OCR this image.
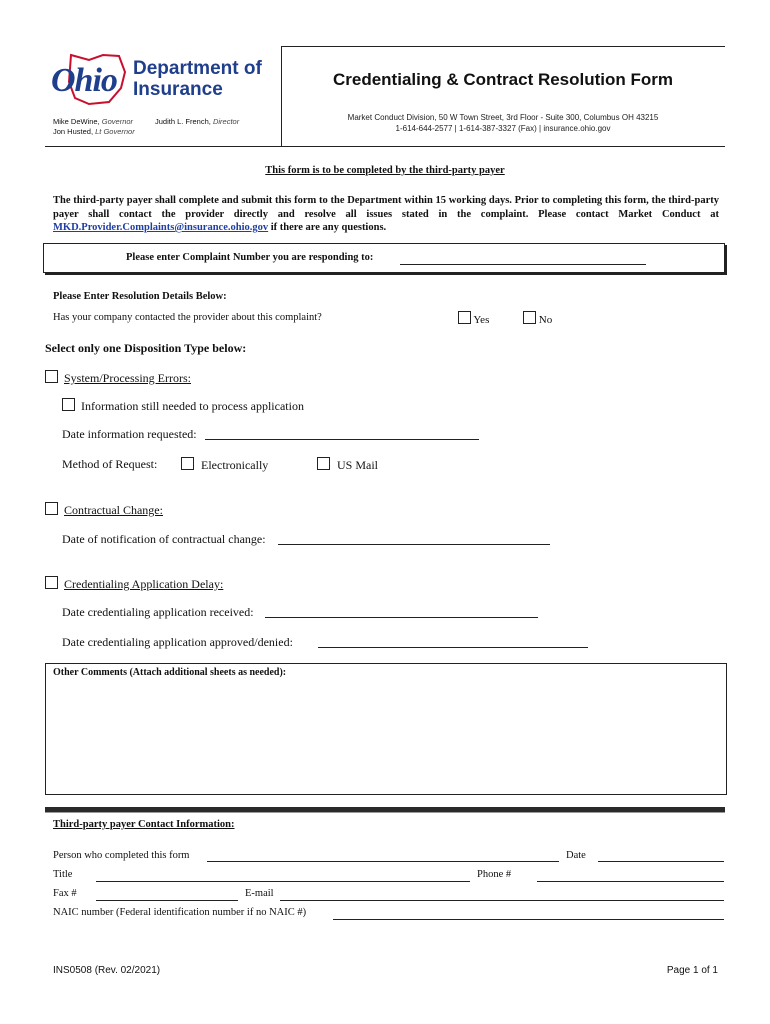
Ohio Department of
Insurance
Mike DeWine, Governor
Jon Husted, Lt Governor
Judith L. French, Director
Credentialing & Contract Resolution Form
Market Conduct Division, 50 W Town Street, 3rd Floor - Suite 300, Columbus OH 43215
1-614-644-2577 | 1-614-387-3327 (Fax) | insurance.ohio.gov
This form is to be completed by the third-party payer
The third-party payer shall complete and submit this form to the Department within 15 working days. Prior to completing this form, the third-party payer shall contact the provider directly and resolve all issues stated in the complaint. Please contact Market Conduct at MKD.Provider.Complaints@insurance.ohio.gov if there are any questions.
Please enter Complaint Number you are responding to:
Please Enter Resolution Details Below:
Has your company contacted the provider about this complaint?	Yes	No
Select only one Disposition Type below:
System/Processing Errors:
Information still needed to process application
Date information requested:
Method of Request:	Electronically	US Mail
Contractual Change:
Date of notification of contractual change:
Credentialing Application Delay:
Date credentialing application received:
Date credentialing application approved/denied:
Other Comments (Attach additional sheets as needed):
Third-party payer Contact Information:
Person who completed this form	Date
Title	Phone #
Fax #	E-mail
NAIC number (Federal identification number if no NAIC #)
INS0508 (Rev. 02/2021)	Page 1 of 1
